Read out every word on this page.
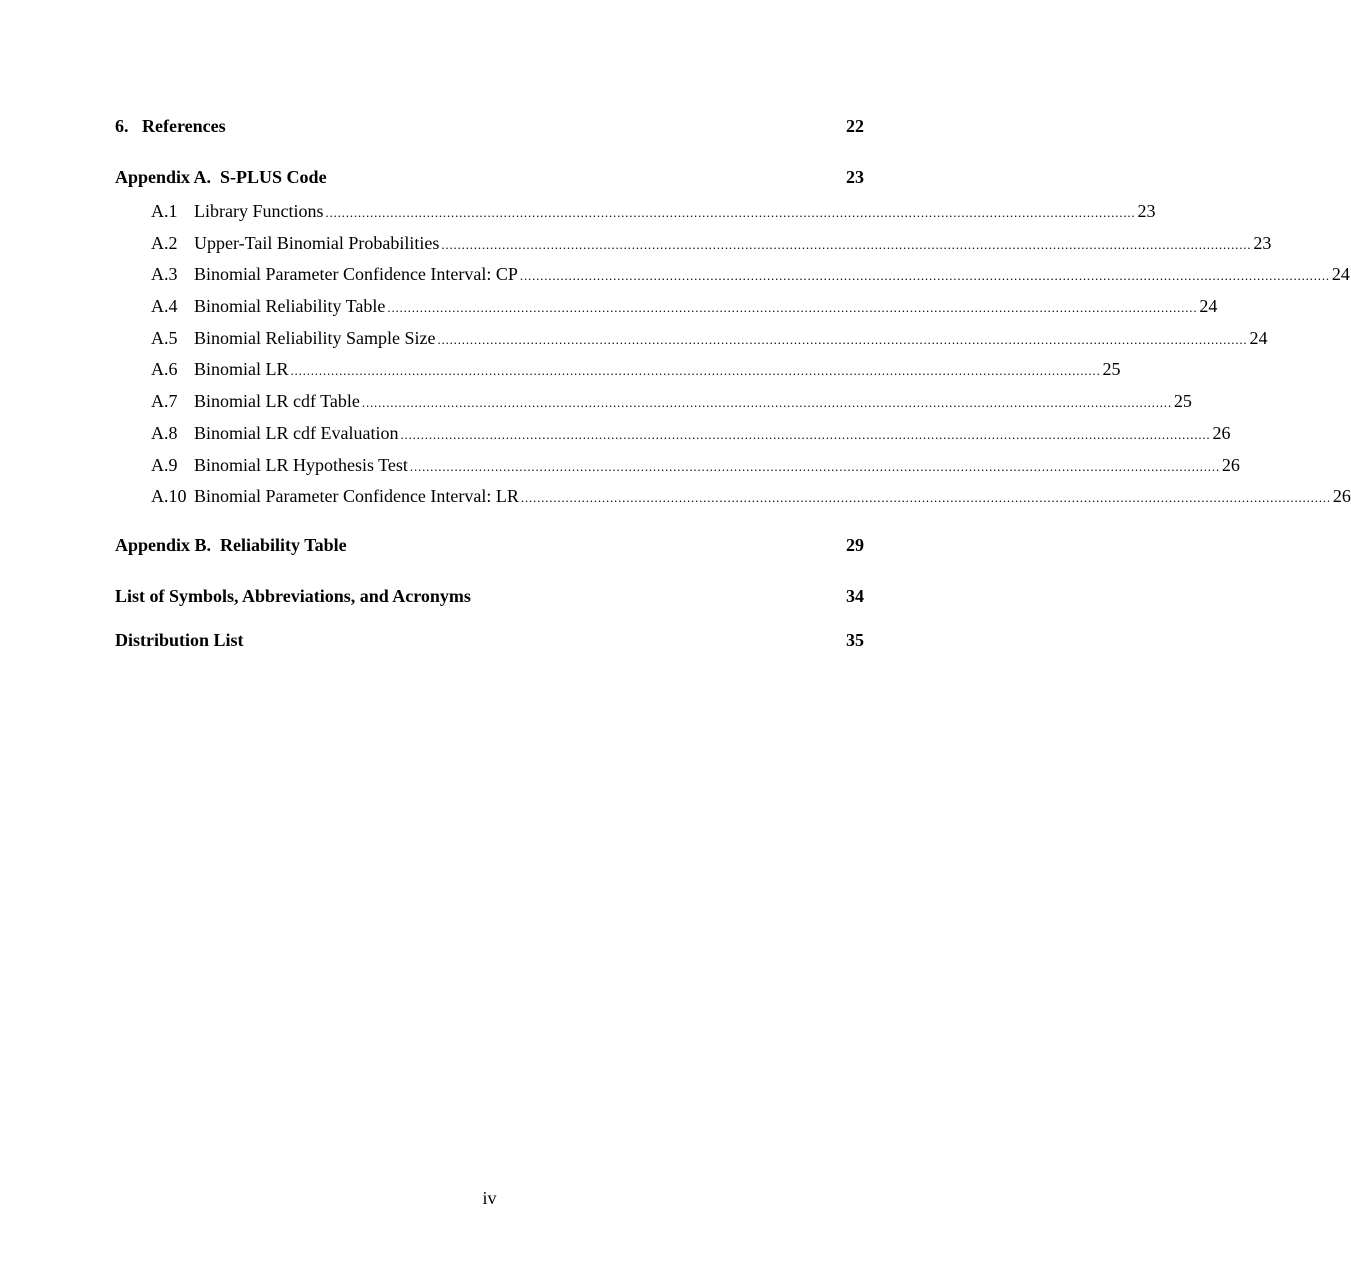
6.   References	22
Appendix A.  S-PLUS Code	23
A.1 Library Functions ........................................................................................................................................................................................................ 23
A.2 Upper-Tail Binomial Probabilities ........................................................................................................................................................................................................ 23
A.3 Binomial Parameter Confidence Interval: CP ........................................................................................................................................................................................................ 24
A.4 Binomial Reliability Table ........................................................................................................................................................................................................ 24
A.5 Binomial Reliability Sample Size ........................................................................................................................................................................................................ 24
A.6 Binomial LR ........................................................................................................................................................................................................ 25
A.7 Binomial LR cdf Table ........................................................................................................................................................................................................ 25
A.8 Binomial LR cdf Evaluation ........................................................................................................................................................................................................ 26
A.9 Binomial LR Hypothesis Test ........................................................................................................................................................................................................ 26
A.10 Binomial Parameter Confidence Interval: LR ........................................................................................................................................................................................................ 26
Appendix B.  Reliability Table	29
List of Symbols, Abbreviations, and Acronyms	34
Distribution List	35
iv
